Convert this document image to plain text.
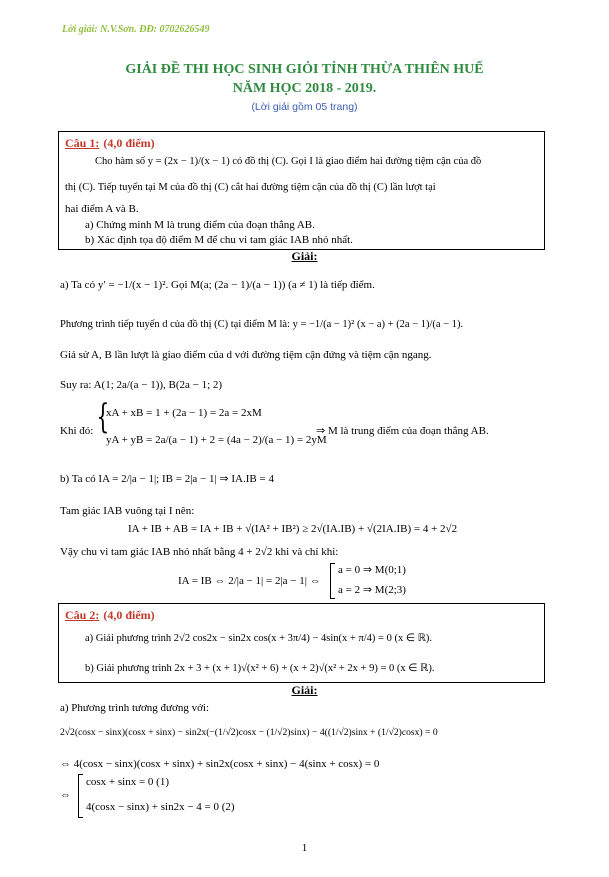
Lời giải: N.V.Sơn. ĐĐ: 0702626549
GIẢI ĐỀ THI HỌC SINH GIỎI TỈNH THỪA THIÊN HUẾ
NĂM HỌC 2018 - 2019.
(Lời giải gồm 05 trang)
Câu 1: (4,0 điểm)
Cho hàm số y = (2x − 1)/(x − 1) có đồ thị (C). Gọi I là giao điểm hai đường tiệm cận của đồ
thị (C). Tiếp tuyến tại M của đồ thị (C) cắt hai đường tiệm cận của đồ thị (C) lần lượt tại
hai điểm A và B.
a) Chứng minh M là trung điểm của đoạn thẳng AB.
b) Xác định tọa độ điểm M để chu vi tam giác IAB nhỏ nhất.
Giải:
a) Ta có y′ = −1/(x − 1)². Gọi M(a; (2a − 1)/(a − 1)) (a ≠ 1) là tiếp điểm.
Phương trình tiếp tuyến d của đồ thị (C) tại điểm M là: y = −1/(a − 1)² (x − a) + (2a − 1)/(a − 1).
Giả sử A, B lần lượt là giao điểm của d với đường tiệm cận đứng và tiệm cận ngang.
Suy ra: A(1; 2a/(a − 1)), B(2a − 1; 2)
Khi đó: {
xA + xB = 1 + (2a − 1) = 2a = 2xM
yA + yB = 2a/(a − 1) + 2 = (4a − 2)/(a − 1) = 2yM
⇒ M là trung điểm của đoạn thẳng AB.
b) Ta có IA = 2/|a − 1|; IB = 2|a − 1| ⇒ IA.IB = 4
Tam giác IAB vuông tại I nên:
IA + IB + AB = IA + IB + √(IA² + IB²) ≥ 2√(IA.IB) + √(2IA.IB) = 4 + 2√2
Vậy chu vi tam giác IAB nhỏ nhất bằng 4 + 2√2 khi và chỉ khi:
IA = IB ⇔ 2/|a − 1| = 2|a − 1| ⇔
a = 0 ⇒ M(0;1)
a = 2 ⇒ M(2;3)
Câu 2: (4,0 điểm)
a) Giải phương trình 2√2 cos2x − sin2x cos(x + 3π/4) − 4sin(x + π/4) = 0 (x ∈ ℝ).
b) Giải phương trình 2x + 3 + (x + 1)√(x² + 6) + (x + 2)√(x² + 2x + 9) = 0 (x ∈ ℝ).
Giải:
a) Phương trình tương đương với:
2√2(cosx − sinx)(cosx + sinx) − sin2x(−(1/√2)cosx − (1/√2)sinx) − 4((1/√2)sinx + (1/√2)cosx) = 0
⇔ 4(cosx − sinx)(cosx + sinx) + sin2x(cosx + sinx) − 4(sinx + cosx) = 0
⇔
cosx + sinx = 0 (1)
4(cosx − sinx) + sin2x − 4 = 0 (2)
1
